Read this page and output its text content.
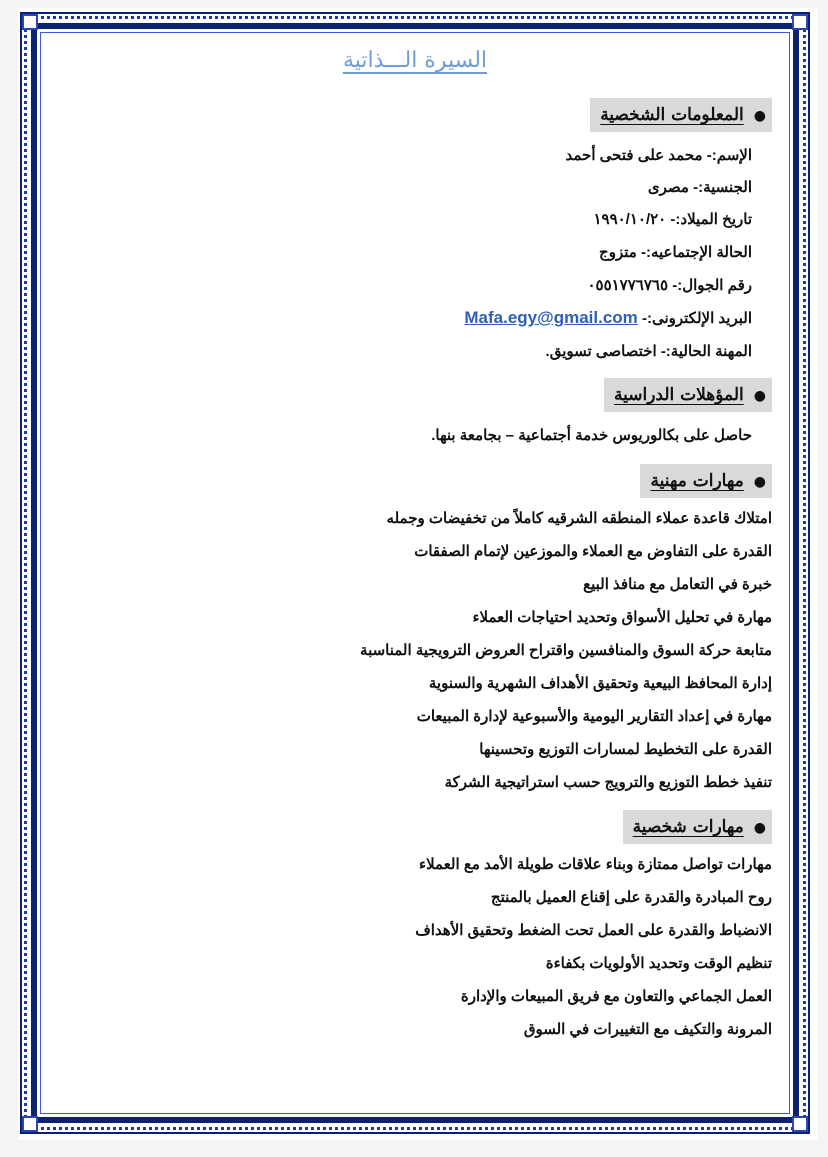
السيرة الـــذاتية
●المعلومات الشخصية
الإسم:- محمد على فتحى أحمد
الجنسية:- مصرى
تاريخ الميلاد:- ١٩٩٠/١٠/٢٠
الحالة الإجتماعيه:- متزوج
رقم الجوال:- ٠٥٥١٧٧٦٧٦٥
البريد الإلكترونى:- Mafa.egy@gmail.com
المهنة الحالية:- اختصاصى تسويق.
●المؤهلات الدراسية
حاصل على بكالوريوس خدمة أجتماعية – بجامعة بنها.
●مهارات مهنية
امتلاك قاعدة عملاء المنطقه الشرقيه كاملاً من تخفيضات وجمله
القدرة على التفاوض مع العملاء والموزعين لإتمام الصفقات
خبرة في التعامل مع منافذ البيع
مهارة في تحليل الأسواق وتحديد احتياجات العملاء
متابعة حركة السوق والمنافسين واقتراح العروض الترويجية المناسبة
إدارة المحافظ البيعية وتحقيق الأهداف الشهرية والسنوية
مهارة في إعداد التقارير اليومية والأسبوعية لإدارة المبيعات
القدرة على التخطيط لمسارات التوزيع وتحسينها
تنفيذ خطط التوزيع والترويج حسب استراتيجية الشركة
●مهارات شخصية
مهارات تواصل ممتازة وبناء علاقات طويلة الأمد مع العملاء
روح المبادرة والقدرة على إقناع العميل بالمنتج
الانضباط والقدرة على العمل تحت الضغط وتحقيق الأهداف
تنظيم الوقت وتحديد الأولويات بكفاءة
العمل الجماعي والتعاون مع فريق المبيعات والإدارة
المرونة والتكيف مع التغييرات في السوق
